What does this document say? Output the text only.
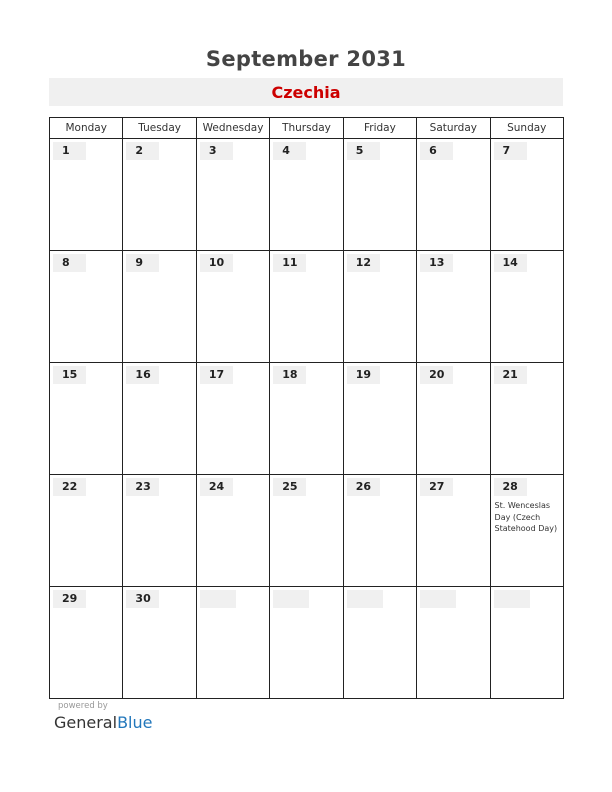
September 2031
Czechia
Monday	Tuesday	Wednesday	Thursday	Friday	Saturday	Sunday

1	2	3	4	5	6	7

8	9	10	11	12	13	14

15	16	17	18	19	20	21

22	23	24	25	26	27	28
St. Wenceslas Day (Czech Statehood Day)

29	30					

powered by
GeneralBlue
